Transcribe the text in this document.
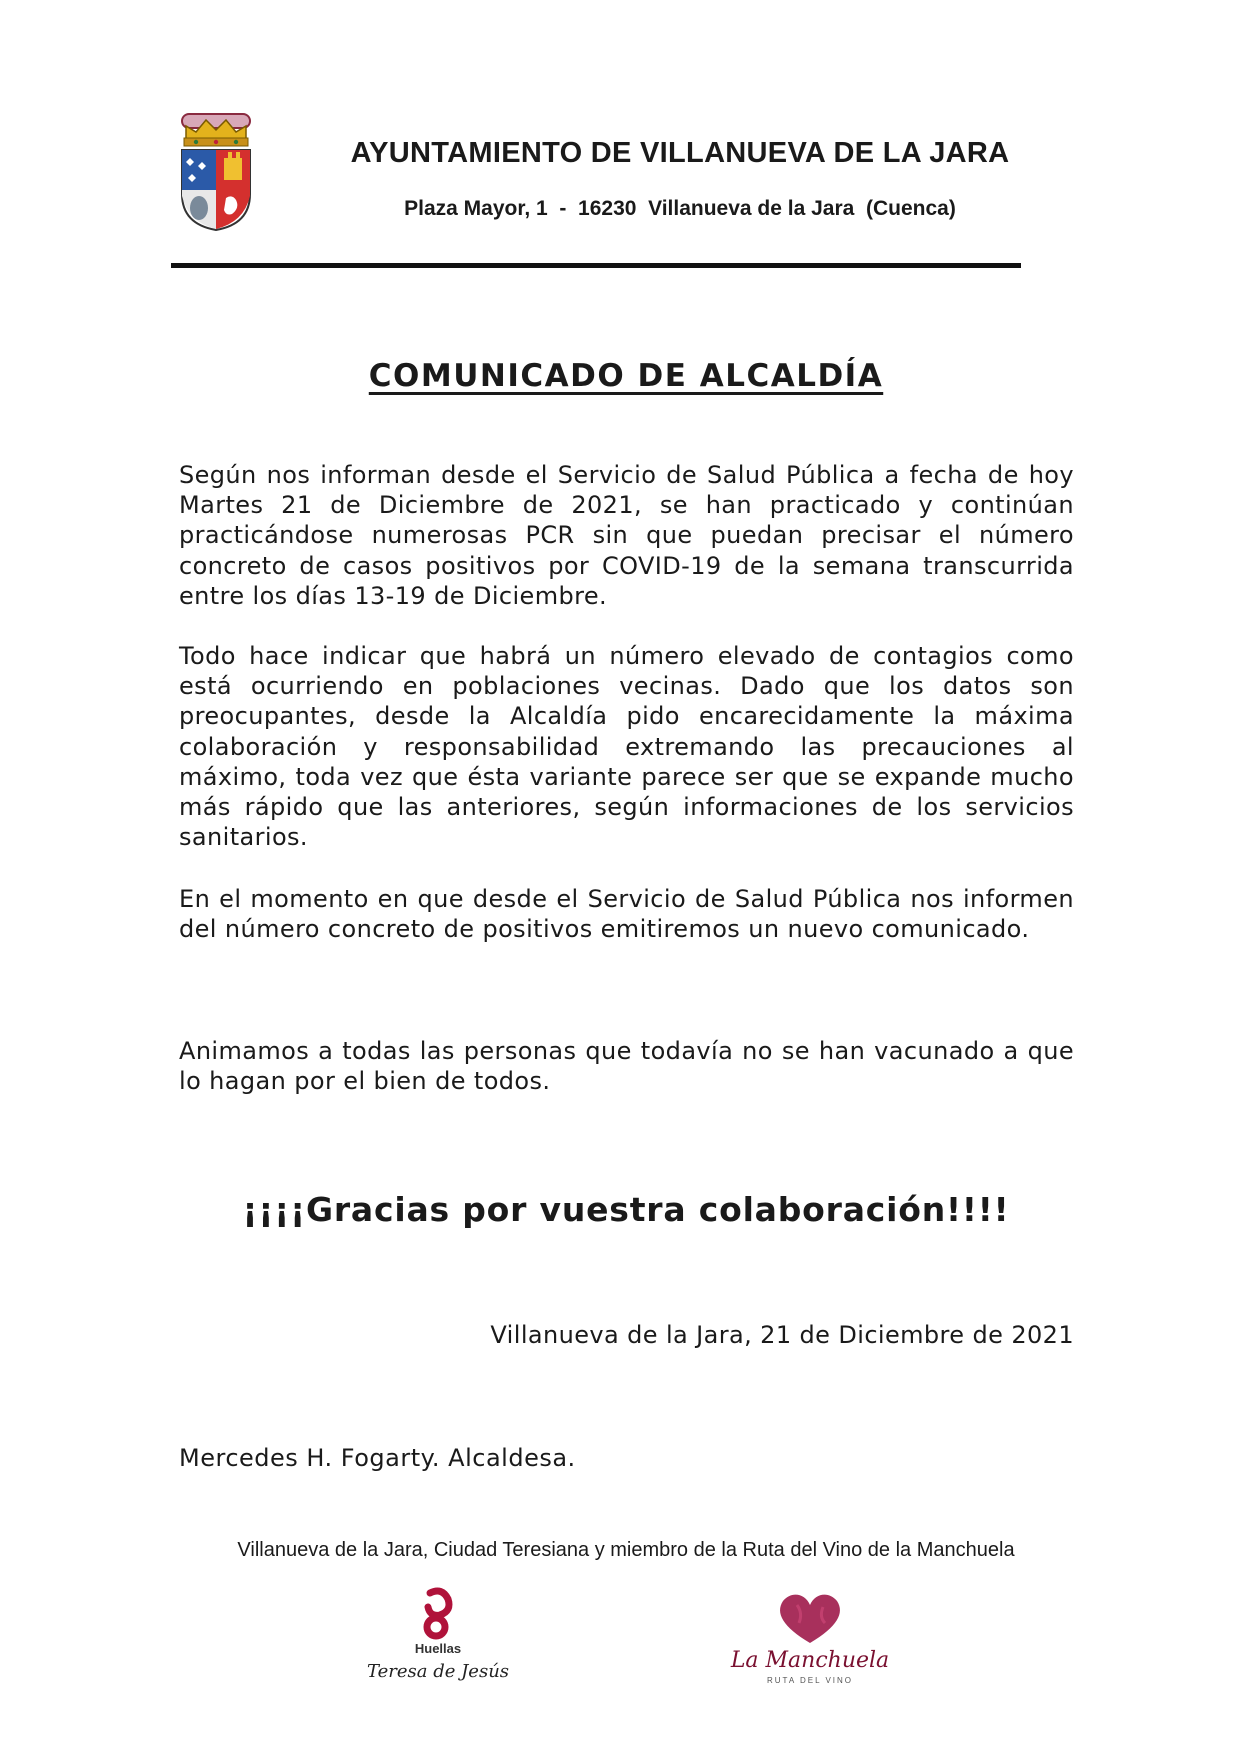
AYUNTAMIENTO DE VILLANUEVA DE LA JARA
Plaza Mayor, 1  -  16230  Villanueva de la Jara  (Cuenca)
COMUNICADO DE ALCALDÍA

Según nos informan desde el Servicio de Salud Pública a fecha de hoy Martes 21 de Diciembre de 2021, se han practicado y continúan practicándose numerosas PCR sin que puedan precisar el número concreto de casos positivos por COVID-19 de la semana transcurrida entre los días 13-19 de Diciembre.

Todo hace indicar que habrá un número elevado de contagios como está ocurriendo en poblaciones vecinas. Dado que los datos son preocupantes, desde la Alcaldía pido encarecidamente la máxima colaboración y responsabilidad extremando las precauciones al máximo, toda vez que ésta variante parece ser que se expande mucho más rápido que las anteriores, según informaciones de los servicios sanitarios.

En el momento en que desde el Servicio de Salud Pública nos informen del número concreto de positivos emitiremos un nuevo comunicado.

Animamos a todas las personas que todavía no se han vacunado a que lo hagan por el bien de todos.

¡¡¡¡Gracias por vuestra colaboración!!!!
Villanueva de la Jara, 21 de Diciembre de 2021
Mercedes H. Fogarty. Alcaldesa.
Villanueva de la Jara, Ciudad Teresiana y miembro de la Ruta del Vino de la Manchuela
Huellas
Teresa de Jesús	La Manchuela
RUTA DEL VINO
